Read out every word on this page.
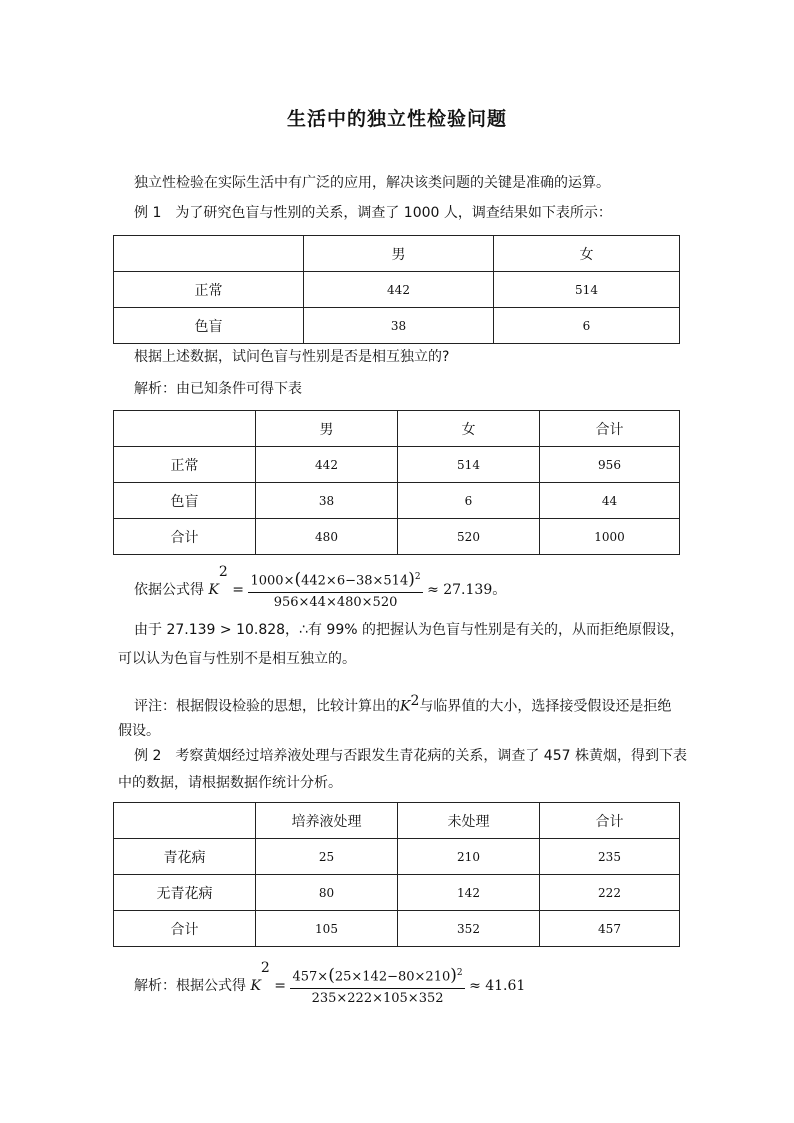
生活中的独立性检验问题
独立性检验在实际生活中有广泛的应用，解决该类问题的关键是准确的运算。
例 1　为了研究色盲与性别的关系，调查了 1000 人，调查结果如下表所示：
	男	女
正常	442	514
色盲	38	6
根据上述数据，试问色盲与性别是否是相互独立的?
解析：由已知条件可得下表
	男	女	合计
正常	442	514	956
色盲	38	6	44
合计	480	520	1000
依据公式得 $K^2 = \frac{1000\times(442\times 6-38\times 514)^2}{956\times 44\times 480\times 520} \approx 27.139$。
由于 27.139 > 10.828，∴有 99% 的把握认为色盲与性别是有关的，从而拒绝原假设，
可以认为色盲与性别不是相互独立的。
评注：根据假设检验的思想，比较计算出的$K^2$与临界值的大小，选择接受假设还是拒绝
假设。
例 2　考察黄烟经过培养液处理与否跟发生青花病的关系，调查了 457 株黄烟，得到下表
中的数据，请根据数据作统计分析。
	培养液处理	未处理	合计
青花病	25	210	235
无青花病	80	142	222
合计	105	352	457
解析：根据公式得 $K^2 = \frac{457\times(25\times 142-80\times 210)^2}{235\times 222\times 105\times 352} \approx 41.61$
